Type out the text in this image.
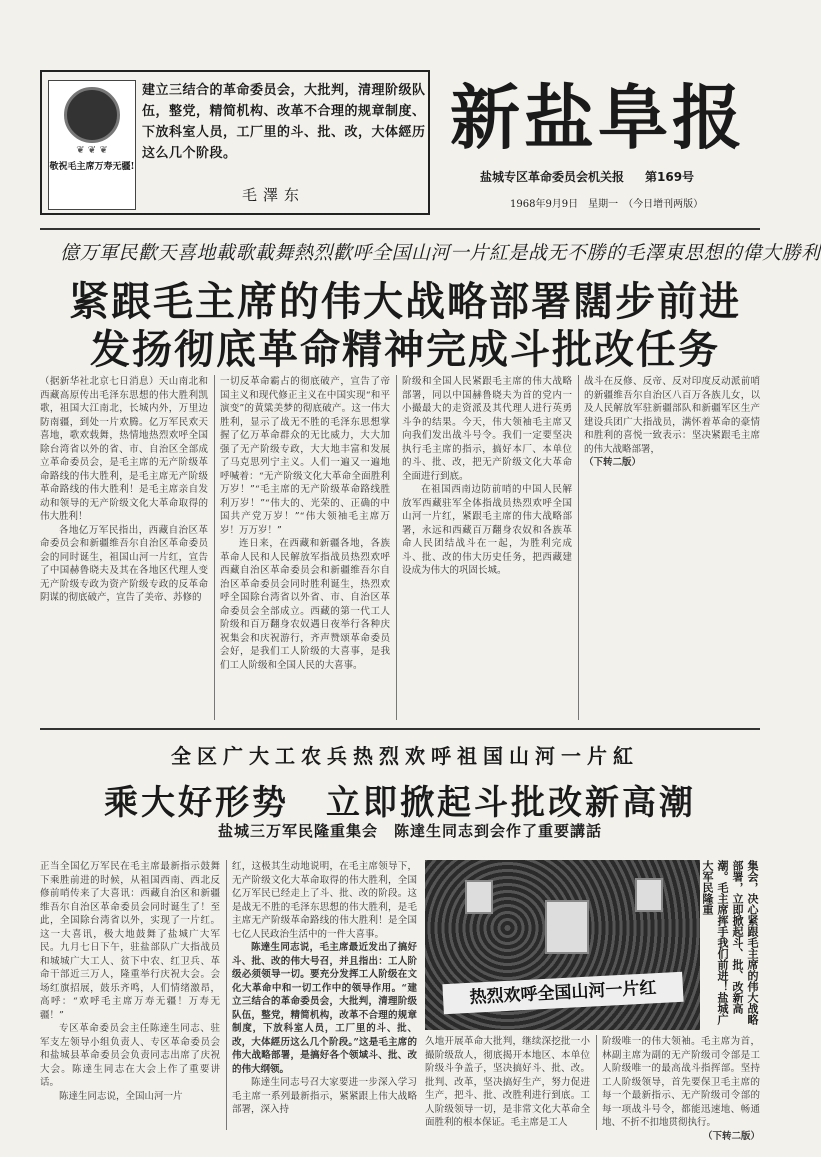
❦ ❦ ❦
敬祝毛主席万寿无疆!
建立三结合的革命委员会，大批判，清理阶级队伍，整党，精简机构、改革不合理的规章制度、下放科室人员，工厂里的斗、批、改，大体經历这么几个阶段。
毛澤东
新盐阜报
盐城专区革命委员会机关报 第169号
1968年9月9日　星期一　（今日增刊两版）
億万軍民歡天喜地載歌載舞熱烈歡呼全国山河一片紅是战无不勝的毛澤東思想的偉大勝利
紧跟毛主席的伟大战略部署闊步前进
发扬彻底革命精神完成斗批改任务

（据新华社北京七日消息）天山南北和西藏高原传出毛泽东思想的伟大胜利凯歌，祖国大江南北，长城内外，万里边防南疆，到处一片欢腾。亿万军民欢天喜地，歌欢载舞，热情地热烈欢呼全国除台湾省以外的省、市、自治区全部成立革命委员会，是毛主席的无产阶级革命路线的伟大胜利，是毛主席无产阶级革命路线的伟大胜利！是毛主席亲自发动和领导的无产阶级文化大革命取得的伟大胜利！

各地亿万军民指出，西藏自治区革命委员会和新疆维吾尔自治区革命委员会的同时诞生，祖国山河一片红，宣告了中国赫鲁晓夫及其在各地区代理人变无产阶级专政为资产阶级专政的反革命阴谋的彻底破产，宣告了美帝、苏修的

一切反革命霸占的彻底破产，宣告了帝国主义和现代修正主义在中国实现“和平演变”的黄粱美梦的彻底破产。这一伟大胜利，显示了战无不胜的毛泽东思想掌握了亿万革命群众的无比威力，大大加强了无产阶级专政，大大地丰富和发展了马克思列宁主义。人们一遍又一遍地呼喊着：“无产阶级文化大革命全面胜利万岁！”“毛主席的无产阶级革命路线胜利万岁！”“伟大的、光荣的、正确的中国共产党万岁！”“伟大领袖毛主席万岁！万万岁！”

连日来，在西藏和新疆各地，各族革命人民和人民解放军指战员热烈欢呼西藏自治区革命委员会和新疆维吾尔自治区革命委员会同时胜利诞生，热烈欢呼全国除台湾省以外省、市、自治区革命委员会全部成立。西藏的第一代工人阶级和百万翻身农奴遇日夜举行各种庆祝集会和庆祝游行，齐声赞颂革命委员会好，是我们工人阶级的大喜事，是我们工人阶级和全国人民的大喜事。

阶级和全国人民紧跟毛主席的伟大战略部署，同以中国赫鲁晓夫为首的党内一小撮最大的走资派及其代理人进行英勇斗争的结果。今天，伟大领袖毛主席又向我们发出战斗号令。我们一定要坚决执行毛主席的指示，搞好本厂、本单位的斗、批、改，把无产阶级文化大革命全面进行到底。

在祖国西南边防前哨的中国人民解放军西藏驻军全体指战员热烈欢呼全国山河一片红，紧跟毛主席的伟大战略部署，永远和西藏百万翻身农奴和各族革命人民团结战斗在一起，为胜利完成斗、批、改的伟大历史任务，把西藏建设成为伟大的巩固长城。

战斗在反修、反帝、反对印度反动派前哨的新疆维吾尔自治区八百万各族儿女，以及人民解放军驻新疆部队和新疆军区生产建设兵团广大指战员，满怀着革命的豪情和胜利的喜悦一致表示：坚决紧跟毛主席的伟大战略部署，

（下转二版）

全区广大工农兵热烈欢呼祖国山河一片紅
乘大好形势　立即掀起斗批改新高潮
盐城三万军民隆重集会　陈達生同志到会作了重要講話

正当全国亿万军民在毛主席最新指示鼓舞下乘胜前进的时候，从祖国西南、西北反修前哨传来了大喜讯：西藏自治区和新疆维吾尔自治区革命委员会同时诞生了！至此，全国除台湾省以外，实现了一片红。这一大喜讯，极大地鼓舞了盐城广大军民。九月七日下午，驻盐部队广大指战员和城城广大工人、贫下中农、红卫兵、革命干部近三万人，隆重举行庆祝大会。会场红旗招展，鼓乐齐鸣，人们情绪激昂，高呼：“欢呼毛主席万寿无疆！万寿无疆！”

专区革命委员会主任陈達生同志、驻军支左领导小组负责人、专区革命委员会和盐城县革命委员会负责同志出席了庆祝大会。陈達生同志在大会上作了重要讲话。

陈達生同志说，全国山河一片

红，这极其生动地说明，在毛主席领导下，无产阶级文化大革命取得的伟大胜利，全国亿万军民已经走上了斗、批、改的阶段。这是战无不胜的毛泽东思想的伟大胜利，是毛主席无产阶级革命路线的伟大胜利！是全国七亿人民政治生活中的一件大喜事。

陈達生同志说，毛主席最近发出了搞好斗、批、改的伟大号召，并且指出：工人阶级必须领导一切。要充分发挥工人阶级在文化大革命中和一切工作中的领导作用。“建立三结合的革命委员会，大批判，清理阶级队伍，整党，精简机构，改革不合理的规章制度，下放科室人员，工厂里的斗、批、改，大体經历这么几个阶段。”这是毛主席的伟大战略部署，是搞好各个领域斗、批、改的伟大纲领。

陈達生同志号召大家要进一步深入学习毛主席一系列最新指示，紧紧跟上伟大战略部署，深入持

热烈欢呼全国山河一片红	集会，决心紧跟毛主席的伟大战略部署，立即掀起斗、批、改新高潮。毛主席挥手我们前进！盐城广大军民隆重

久地开展革命大批判，继续深挖批一小撮阶级敌人，彻底揭开本地区、本单位阶级斗争盖子，坚决搞好斗、批、改。批判、改革，坚决搞好生产，努力促进生产，把斗、批、改胜利进行到底。工人阶级领导一切，是非常文化大革命全面胜利的根本保证。毛主席是工人

阶级唯一的伟大领袖。毛主席为首，林副主席为副的无产阶级司令部是工人阶级唯一的最高战斗指挥部。坚持工人阶级领导，首先要保卫毛主席的每一个最新指示、无产阶级司令部的每一项战斗号令，都能迅速地、畅通地、不折不扣地贯彻执行。

（下转二版）
